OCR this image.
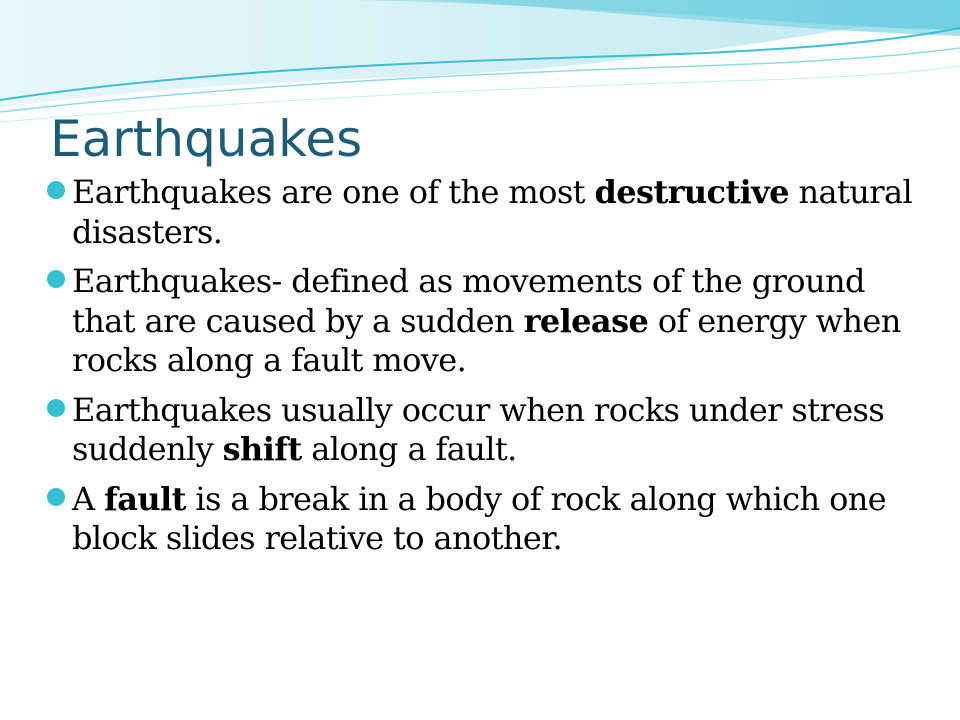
Earthquakes
Earthquakes are one of the most destructive natural disasters.
Earthquakes- defined as movements of the ground that are caused by a sudden release of energy when rocks along a fault move.
Earthquakes usually occur when rocks under stress suddenly shift along a fault.
A fault is a break in a body of rock along which one block slides relative to another.
